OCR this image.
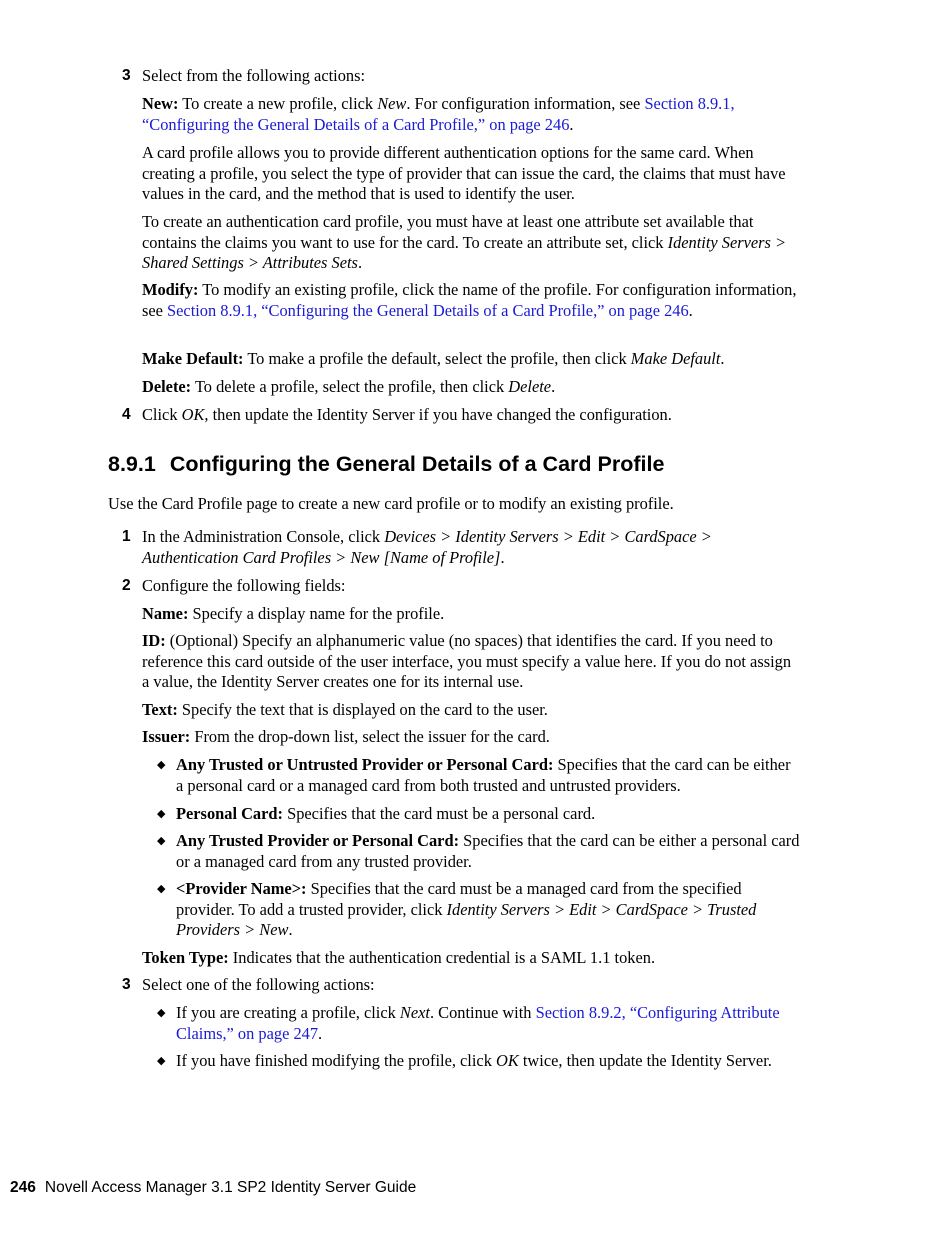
3 Select from the following actions:

New: To create a new profile, click New. For configuration information, see Section 8.9.1, “Configuring the General Details of a Card Profile,” on page 246.

A card profile allows you to provide different authentication options for the same card. When creating a profile, you select the type of provider that can issue the card, the claims that must have values in the card, and the method that is used to identify the user.

To create an authentication card profile, you must have at least one attribute set available that contains the claims you want to use for the card. To create an attribute set, click Identity Servers > Shared Settings > Attributes Sets.

Modify: To modify an existing profile, click the name of the profile. For configuration information, see Section 8.9.1, “Configuring the General Details of a Card Profile,” on page 246.

Make Default: To make a profile the default, select the profile, then click Make Default.

Delete: To delete a profile, select the profile, then click Delete.

4 Click OK, then update the Identity Server if you have changed the configuration.
8.9.1 Configuring the General Details of a Card Profile

Use the Card Profile page to create a new card profile or to modify an existing profile.

1 In the Administration Console, click Devices > Identity Servers > Edit > CardSpace > Authentication Card Profiles > New [Name of Profile].
2 Configure the following fields:

Name: Specify a display name for the profile.

ID: (Optional) Specify an alphanumeric value (no spaces) that identifies the card. If you need to reference this card outside of the user interface, you must specify a value here. If you do not assign a value, the Identity Server creates one for its internal use.

Text: Specify the text that is displayed on the card to the user.

Issuer: From the drop-down list, select the issuer for the card.

◆ Any Trusted or Untrusted Provider or Personal Card: Specifies that the card can be either a personal card or a managed card from both trusted and untrusted providers.

◆ Personal Card: Specifies that the card must be a personal card.

◆ Any Trusted Provider or Personal Card: Specifies that the card can be either a personal card or a managed card from any trusted provider.

◆ <Provider Name>: Specifies that the card must be a managed card from the specified provider. To add a trusted provider, click Identity Servers > Edit > CardSpace > Trusted Providers > New.

Token Type: Indicates that the authentication credential is a SAML 1.1 token.

3 Select one of the following actions:

◆ If you are creating a profile, click Next. Continue with Section 8.9.2, “Configuring Attribute Claims,” on page 247.

◆ If you have finished modifying the profile, click OK twice, then update the Identity Server.

246 Novell Access Manager 3.1 SP2 Identity Server Guide
